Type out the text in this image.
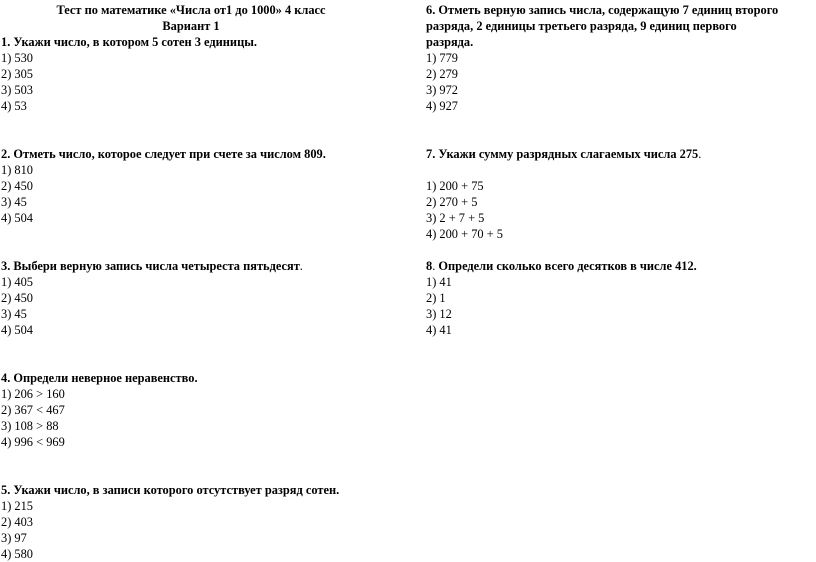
Тест по математике «Числа от1 до 1000» 4 класс
Вариант 1
1. Укажи число, в котором 5 сотен 3 единицы.
1) 530
2) 305
3) 503
4) 53
2. Отметь число, которое следует при счете за числом 809.
1) 810
2) 450
3) 45
4) 504
3. Выбери верную запись числа четыреста пятьдесят.
1) 405
2) 450
3) 45
4) 504
4. Определи неверное неравенство.
1) 206 > 160
2) 367 < 467
3) 108 > 88
4) 996 < 969
5. Укажи число, в записи которого отсутствует разряд сотен.
1) 215
2) 403
3) 97
4) 580
6. Отметь верную запись числа, содержащую 7 единиц второго
разряда, 2 единицы третьего разряда, 9 единиц первого
разряда.
1) 779
2) 279
3) 972
4) 927
7. Укажи сумму разрядных слагаемых числа 275.
1) 200 + 75
2) 270 + 5
3) 2 + 7 + 5
4) 200 + 70 + 5
8. Определи сколько всего десятков в числе 412.
1) 41
2) 1
3) 12
4) 41
